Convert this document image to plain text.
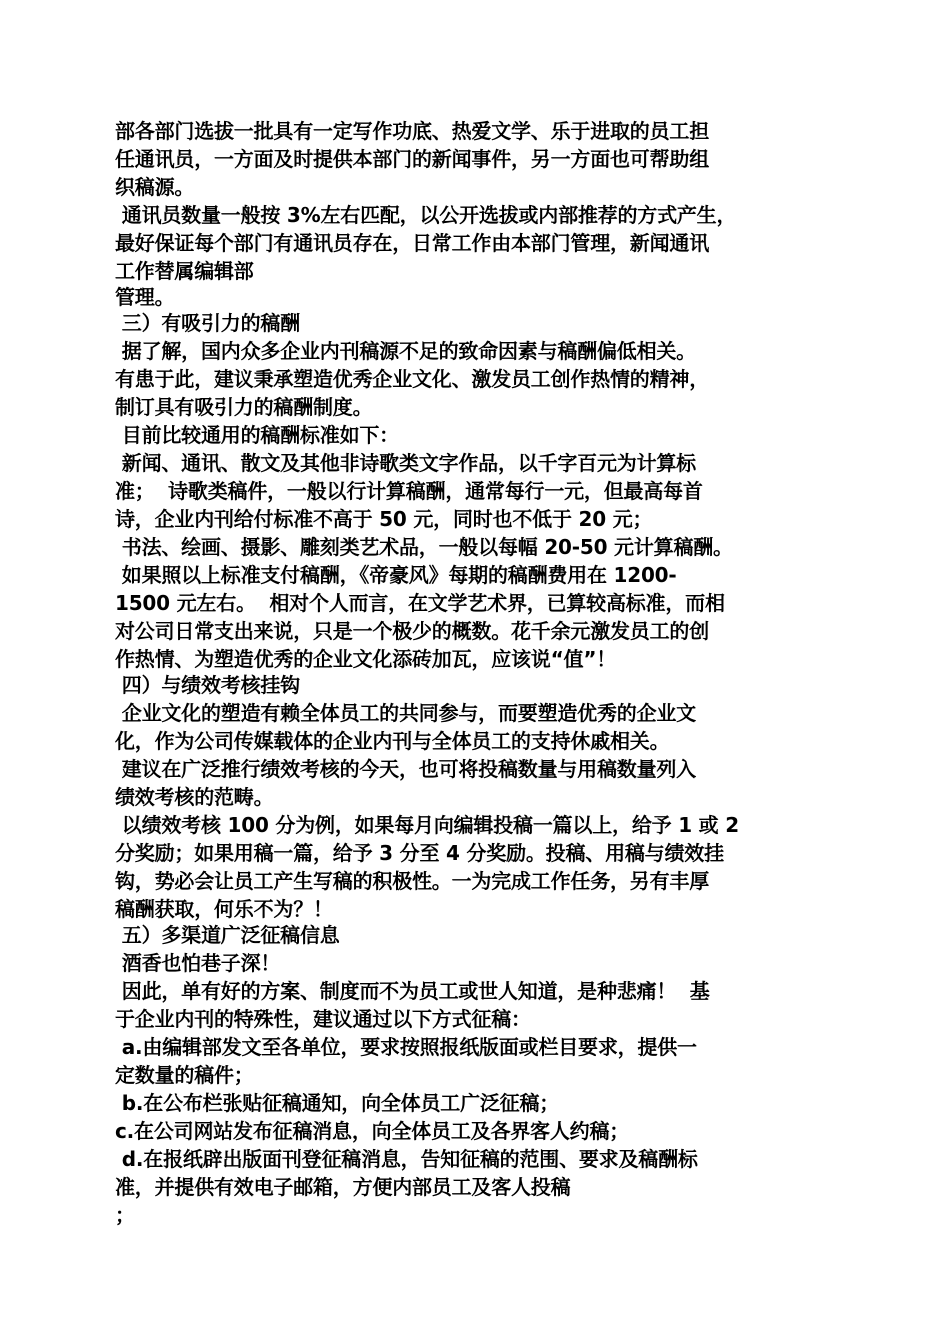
部各部门选拔一批具有一定写作功底、热爱文学、乐于进取的员工担

任通讯员，一方面及时提供本部门的新闻事件，另一方面也可帮助组

织稿源。

通讯员数量一般按 3%左右匹配，以公开选拔或内部推荐的方式产生，

最好保证每个部门有通讯员存在，日常工作由本部门管理，新闻通讯

工作替属编辑部

管理。

三）有吸引力的稿酬

据了解，国内众多企业内刊稿源不足的致命因素与稿酬偏低相关。

有患于此，建议秉承塑造优秀企业文化、激发员工创作热情的精神，

制订具有吸引力的稿酬制度。

目前比较通用的稿酬标准如下：

新闻、通讯、散文及其他非诗歌类文字作品，以千字百元为计算标

准；  诗歌类稿件，一般以行计算稿酬，通常每行一元，但最高每首

诗，企业内刊给付标准不高于 50 元，同时也不低于 20 元；

书法、绘画、摄影、雕刻类艺术品，一般以每幅 20-50 元计算稿酬。

如果照以上标准支付稿酬，《帝豪风》每期的稿酬费用在 1200-

1500 元左右。  相对个人而言，在文学艺术界，已算较高标准，而相

对公司日常支出来说，只是一个极少的概数。花千余元激发员工的创

作热情、为塑造优秀的企业文化添砖加瓦，应该说“值”！

四）与绩效考核挂钩

企业文化的塑造有赖全体员工的共同参与，而要塑造优秀的企业文

化，作为公司传媒载体的企业内刊与全体员工的支持休戚相关。

建议在广泛推行绩效考核的今天，也可将投稿数量与用稿数量列入

绩效考核的范畴。

以绩效考核 100 分为例，如果每月向编辑投稿一篇以上，给予 1 或 2

分奖励；如果用稿一篇，给予 3 分至 4 分奖励。投稿、用稿与绩效挂

钩，势必会让员工产生写稿的积极性。一为完成工作任务，另有丰厚

稿酬获取，何乐不为？！

五）多渠道广泛征稿信息

酒香也怕巷子深！

因此，单有好的方案、制度而不为员工或世人知道，是种悲痛！  基

于企业内刊的特殊性，建议通过以下方式征稿：

a.由编辑部发文至各单位，要求按照报纸版面或栏目要求，提供一

定数量的稿件；

b.在公布栏张贴征稿通知，向全体员工广泛征稿；

c.在公司网站发布征稿消息，向全体员工及各界客人约稿；

d.在报纸辟出版面刊登征稿消息，告知征稿的范围、要求及稿酬标

准，并提供有效电子邮箱，方便内部员工及客人投稿

；
